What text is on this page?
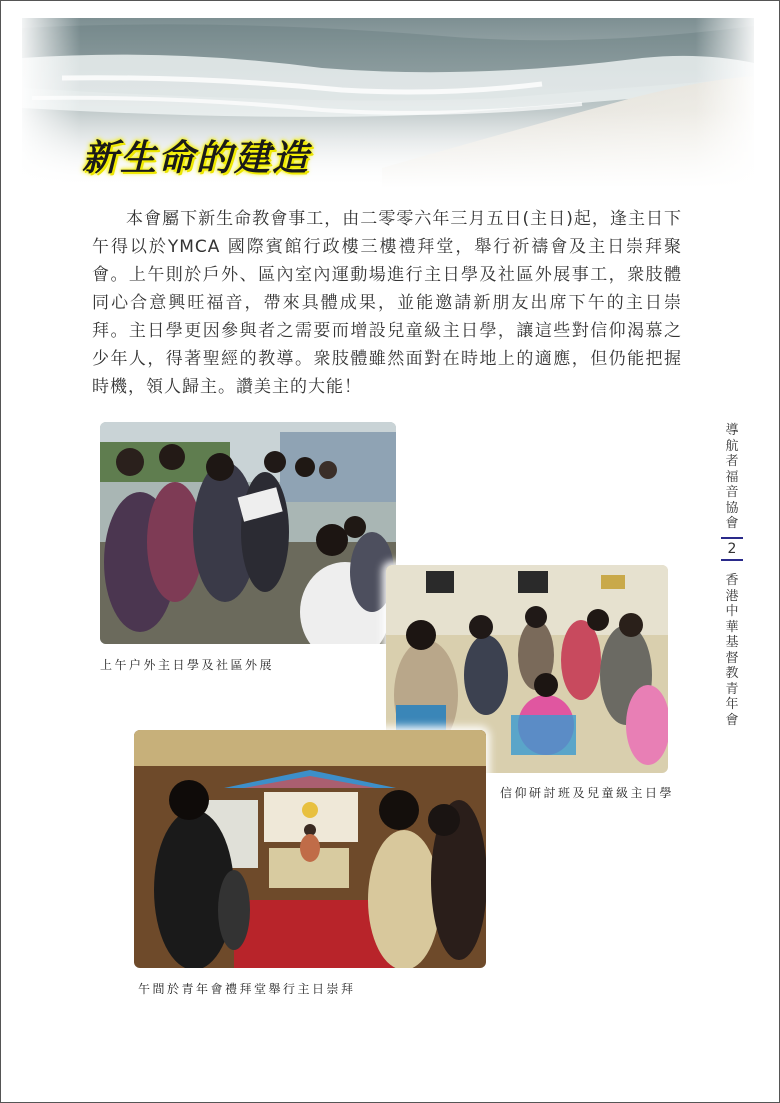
新生命的建造

本會屬下新生命教會事工，由二零零六年三月五日(主日)起，逢主日下午得以於YMCA 國際賓館行政樓三樓禮拜堂，舉行祈禱會及主日崇拜聚會。上午則於戶外、區內室內運動場進行主日學及社區外展事工，衆肢體同心合意興旺福音，帶來具體成果，並能邀請新朋友出席下午的主日崇拜。主日學更因參與者之需要而增設兒童級主日學，讓這些對信仰渴慕之少年人，得著聖經的教導。衆肢體雖然面對在時地上的適應，但仍能把握時機，領人歸主。讚美主的大能！

導航者福音協會
2
香港中華基督教青年會
上午户外主日學及社區外展
信仰研討班及兒童級主日學
午間於青年會禮拜堂舉行主日崇拜
